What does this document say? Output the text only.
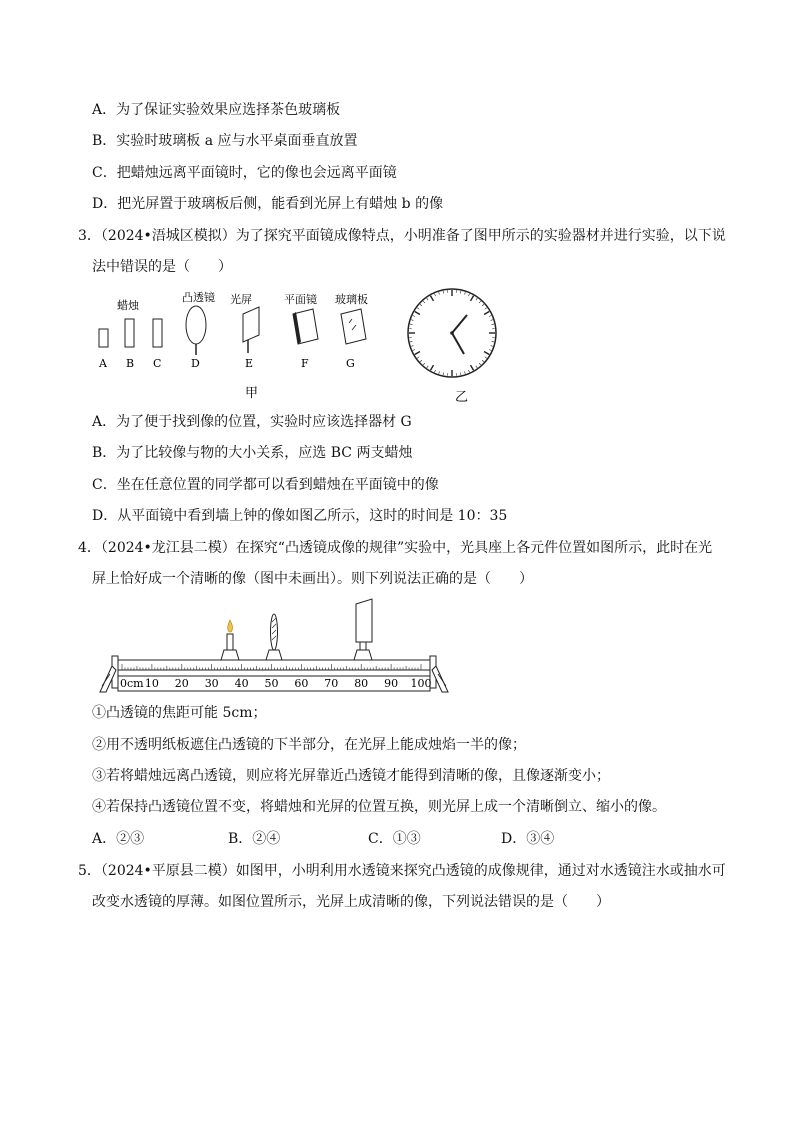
A．为了保证实验效果应选择茶色玻璃板
B．实验时玻璃板 a 应与水平桌面垂直放置
C．把蜡烛远离平面镜时，它的像也会远离平面镜
D．把光屏置于玻璃板后侧，能看到光屏上有蜡烛 b 的像
3．（2024•浯城区模拟）为了探究平面镜成像特点，小明准备了图甲所示的实验器材并进行实验，以下说
法中错误的是（　　）
蜡烛
凸透镜 光屏	平面镜 玻璃板
A B C	D	E	F	G
甲	乙
A．为了便于找到像的位置，实验时应该选择器材 G
B．为了比较像与物的大小关系，应选 BC 两支蜡烛
C．坐在任意位置的同学都可以看到蜡烛在平面镜中的像
D．从平面镜中看到墙上钟的像如图乙所示，这时的时间是 10：35
4．（2024•龙江县二模）在探究“凸透镜成像的规律”实验中，光具座上各元件位置如图所示，此时在光
屏上恰好成一个清晰的像（图中未画出）。则下列说法正确的是（　　）
0cm 10 20 30 40 50 60 70 80 90 100
①凸透镜的焦距可能 5cm；
②用不透明纸板遮住凸透镜的下半部分，在光屏上能成烛焰一半的像；
③若将蜡烛远离凸透镜，则应将光屏靠近凸透镜才能得到清晰的像，且像逐渐变小；
④若保持凸透镜位置不变，将蜡烛和光屏的位置互换，则光屏上成一个清晰倒立、缩小的像。
A．②③	B．②④	C．①③	D．③④
5．（2024•平原县二模）如图甲，小明利用水透镜来探究凸透镜的成像规律，通过对水透镜注水或抽水可
改变水透镜的厚薄。如图位置所示，光屏上成清晰的像，下列说法错误的是（　　）
